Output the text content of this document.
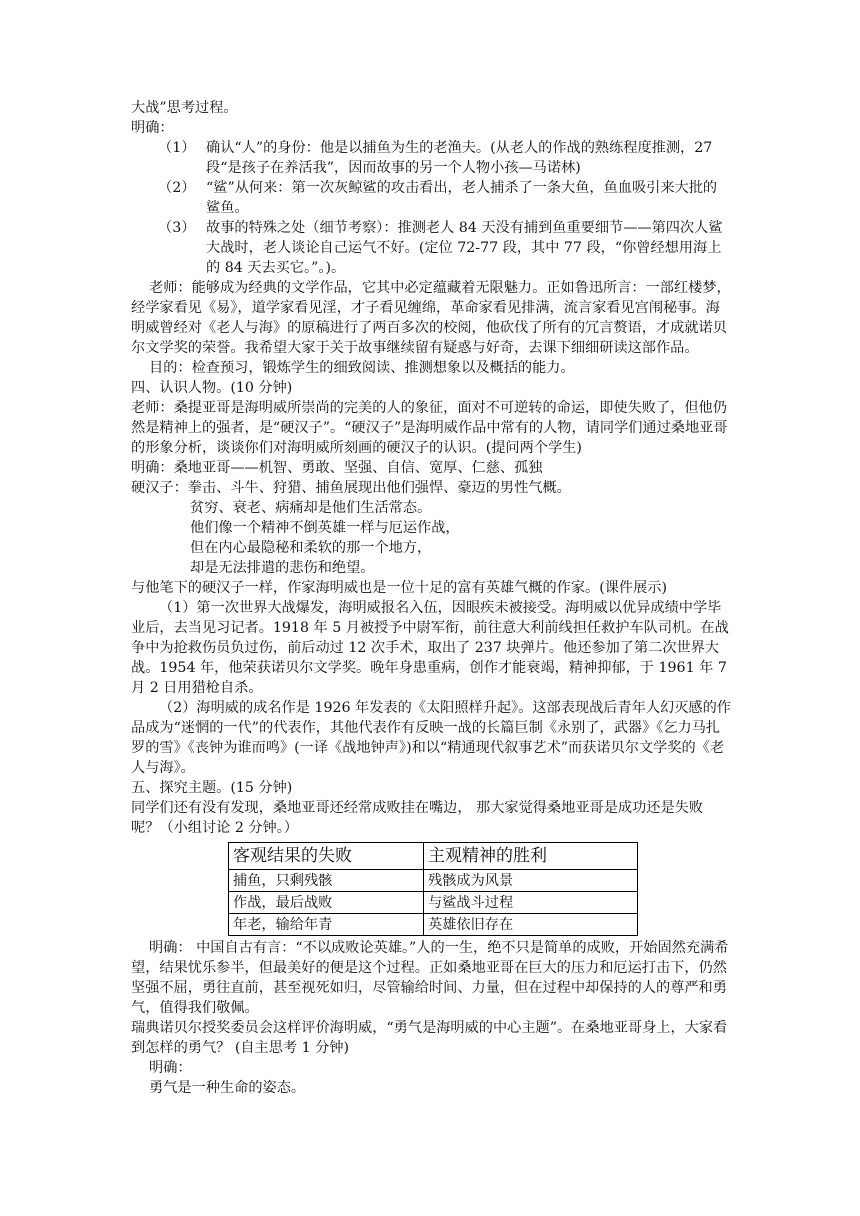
大战”思考过程。

明确：

（1） 确认“人”的身份：他是以捕鱼为生的老渔夫。(从老人的作战的熟练程度推测，27 段“是孩子在养活我”，因而故事的另一个人物小孩—马诺林)
（2） “鲨”从何来：第一次灰鲸鲨的攻击看出，老人捕杀了一条大鱼，鱼血吸引来大批的鲨鱼。
（3） 故事的特殊之处（细节考察）：推测老人 84 天没有捕到鱼重要细节——第四次人鲨大战时，老人谈论自己运气不好。(定位 72-77 段，其中 77 段，“你曾经想用海上的 84 天去买它。”。)。

老师：能够成为经典的文学作品，它其中必定蕴藏着无限魅力。正如鲁迅所言：一部红楼梦，经学家看见《易》，道学家看见淫，才子看见缠绵，革命家看见排满，流言家看见宫闱秘事。海明威曾经对《老人与海》的原稿进行了两百多次的校阅，他砍伐了所有的冗言赘语，才成就诺贝尔文学奖的荣誉。我希望大家于关于故事继续留有疑惑与好奇，去课下细细研读这部作品。

目的：检查预习，锻炼学生的细致阅读、推测想象以及概括的能力。

四、认识人物。(10 分钟)

老师：桑提亚哥是海明威所崇尚的完美的人的象征，面对不可逆转的命运，即使失败了，但他仍然是精神上的强者，是“硬汉子”。“硬汉子”是海明威作品中常有的人物，请同学们通过桑地亚哥的形象分析，谈谈你们对海明威所刻画的硬汉子的认识。(提问两个学生)

明确：桑地亚哥——机智、勇敢、坚强、自信、宽厚、仁慈、孤独

硬汉子：拳击、斗牛、狩猎、捕鱼展现出他们强悍、豪迈的男性气概。

贫穷、衰老、病痛却是他们生活常态。

他们像一个精神不倒英雄一样与厄运作战，

但在内心最隐秘和柔软的那一个地方，

却是无法排遣的悲伤和绝望。

与他笔下的硬汉子一样，作家海明威也是一位十足的富有英雄气概的作家。(课件展示)

（1）第一次世界大战爆发，海明威报名入伍，因眼疾未被接受。海明威以优异成绩中学毕业后，去当见习记者。1918 年 5 月被授予中尉军衔，前往意大利前线担任救护车队司机。在战争中为抢救伤员负过伤，前后动过 12 次手术，取出了 237 块弹片。他还参加了第二次世界大战。1954 年，他荣获诺贝尔文学奖。晚年身患重病，创作才能衰竭，精神抑郁，于 1961 年 7 月 2 日用猎枪自杀。

（2）海明威的成名作是 1926 年发表的《太阳照样升起》。这部表现战后青年人幻灭感的作品成为“迷惘的一代”的代表作，其他代表作有反映一战的长篇巨制《永别了，武器》《乞力马扎罗的雪》《丧钟为谁而鸣》(一译《战地钟声》)和以“精通现代叙事艺术”而获诺贝尔文学奖的《老人与海》。

五、探究主题。(15 分钟)

同学们还有没有发现，桑地亚哥还经常成败挂在嘴边， 那大家觉得桑地亚哥是成功还是失败呢？（小组讨论 2 分钟。）

客观结果的失败	主观精神的胜利
捕鱼，只剩残骸	残骸成为风景
作战，最后战败	与鲨战斗过程
年老，输给年青	英雄依旧存在

明确： 中国自古有言：“不以成败论英雄。”人的一生，绝不只是简单的成败，开始固然充满希望，结果忧乐参半，但最美好的便是这个过程。正如桑地亚哥在巨大的压力和厄运打击下，仍然坚强不屈，勇往直前，甚至视死如归，尽管输给时间、力量，但在过程中却保持的人的尊严和勇气，值得我们敬佩。

瑞典诺贝尔授奖委员会这样评价海明威，“勇气是海明威的中心主题”。在桑地亚哥身上，大家看到怎样的勇气？ (自主思考 1 分钟)

明确：

勇气是一种生命的姿态。
